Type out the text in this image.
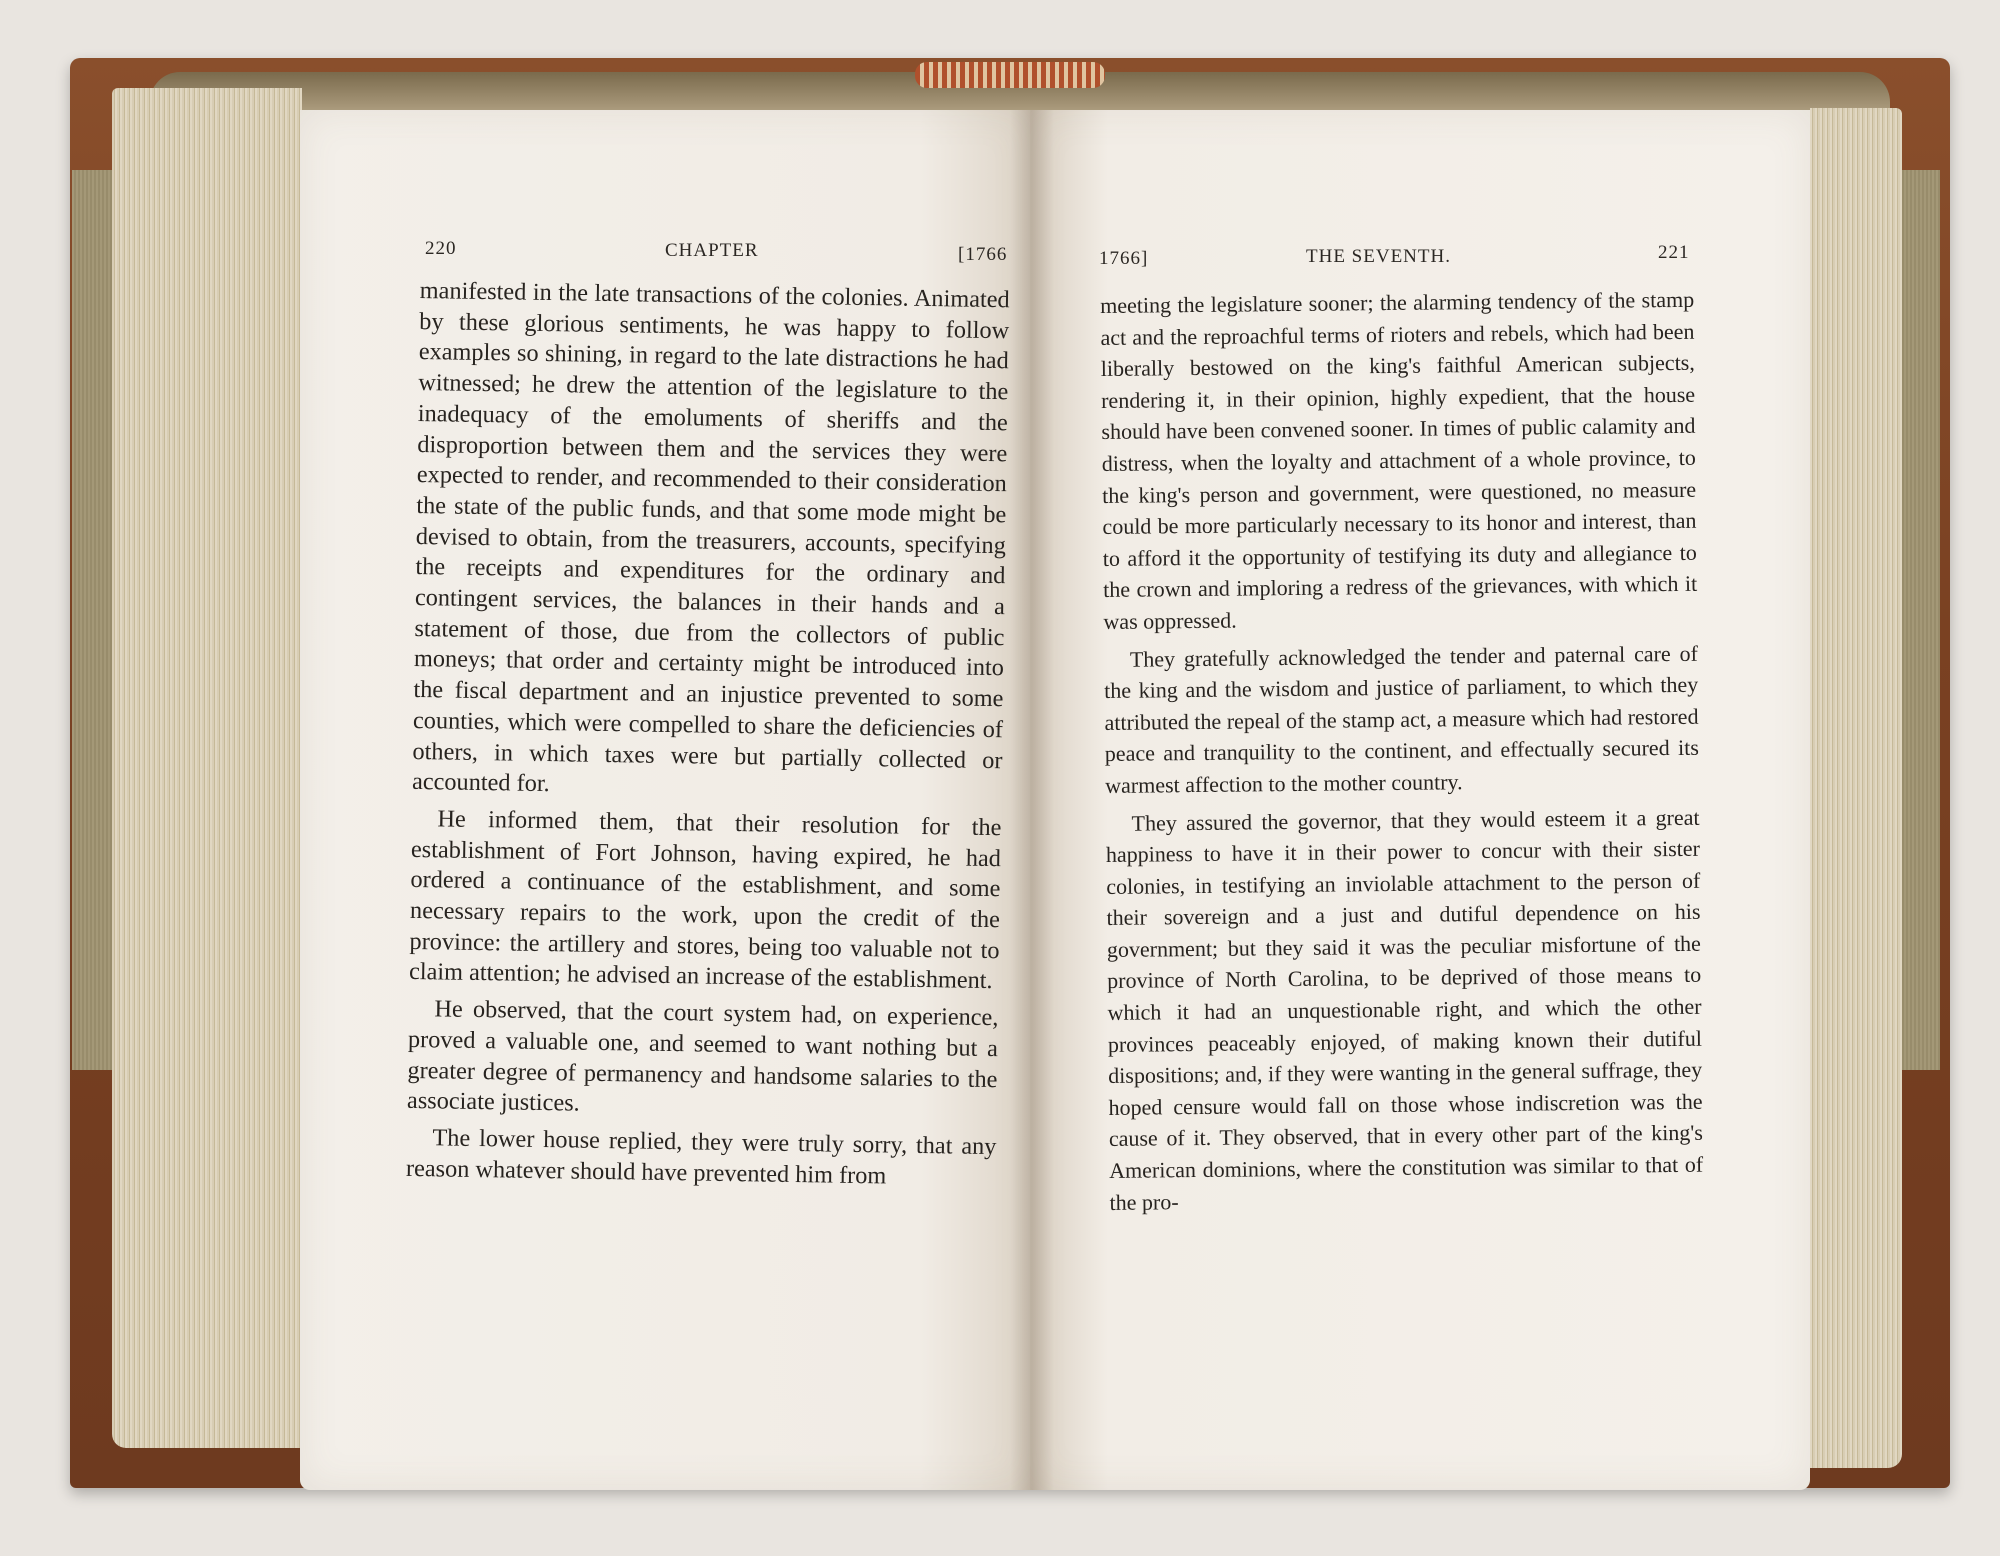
220	CHAPTER	[1766	1766]	THE SEVENTH.	221

manifested in the late transactions of the colonies. Animated by these glorious sentiments, he was happy to follow examples so shining, in regard to the late distractions he had witnessed; he drew the attention of the legislature to the inadequacy of the emoluments of sheriffs and the disproportion between them and the services they were expected to render, and recommended to their consideration the state of the public funds, and that some mode might be devised to obtain, from the treasurers, accounts, specifying the receipts and expenditures for the ordinary and contingent services, the balances in their hands and a statement of those, due from the collectors of public moneys; that order and certainty might be introduced into the fiscal department and an injustice prevented to some counties, which were compelled to share the deficiencies of others, in which taxes were but partially collected or accounted for.

He informed them, that their resolution for the establishment of Fort Johnson, having expired, he had ordered a continuance of the establishment, and some necessary repairs to the work, upon the credit of the province: the artillery and stores, being too valuable not to claim attention; he advised an increase of the establishment.

He observed, that the court system had, on experience, proved a valuable one, and seemed to want nothing but a greater degree of permanency and handsome salaries to the associate justices.

The lower house replied, they were truly sorry, that any reason whatever should have prevented him from

meeting the legislature sooner; the alarming tendency of the stamp act and the reproachful terms of rioters and rebels, which had been liberally bestowed on the king's faithful American subjects, rendering it, in their opinion, highly expedient, that the house should have been convened sooner. In times of public calamity and distress, when the loyalty and attachment of a whole province, to the king's person and government, were questioned, no measure could be more particularly necessary to its honor and interest, than to afford it the opportunity of testifying its duty and allegiance to the crown and imploring a redress of the grievances, with which it was oppressed.

They gratefully acknowledged the tender and paternal care of the king and the wisdom and justice of parliament, to which they attributed the repeal of the stamp act, a measure which had restored peace and tranquility to the continent, and effectually secured its warmest affection to the mother country.

They assured the governor, that they would esteem it a great happiness to have it in their power to concur with their sister colonies, in testifying an inviolable attachment to the person of their sovereign and a just and dutiful dependence on his government; but they said it was the peculiar misfortune of the province of North Carolina, to be deprived of those means to which it had an unquestionable right, and which the other provinces peaceably enjoyed, of making known their dutiful dispositions; and, if they were wanting in the general suffrage, they hoped censure would fall on those whose indiscretion was the cause of it. They observed, that in every other part of the king's American dominions, where the constitution was similar to that of the pro-
